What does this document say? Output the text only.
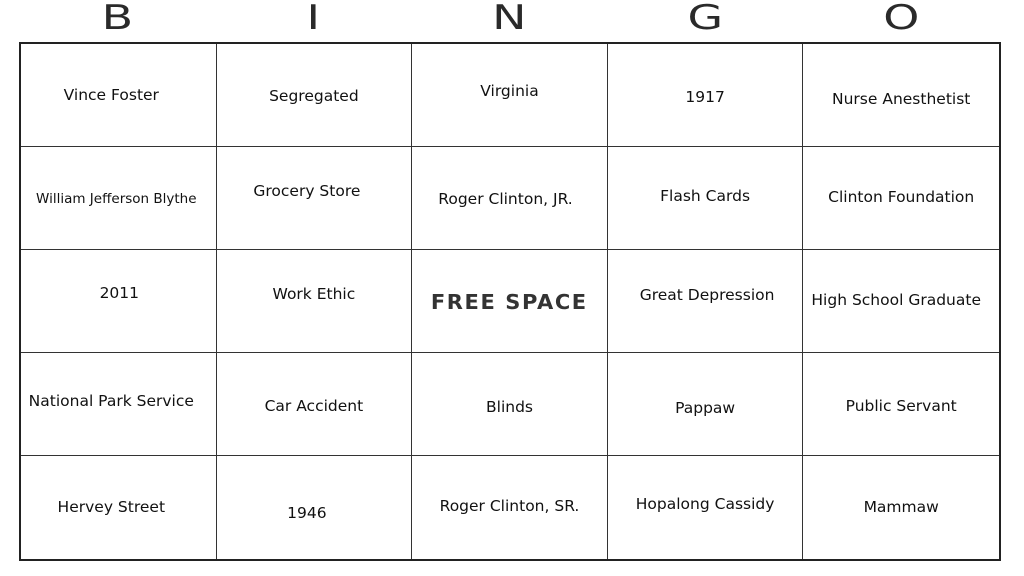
B	I	N	G	O
Vince Foster	Segregated	Virginia	1917	Nurse Anesthetist
William Jefferson Blythe	Grocery Store	Roger Clinton, JR.	Flash Cards	Clinton Foundation
2011	Work Ethic	FREE SPACE	Great Depression	High School Graduate
National Park Service	Car Accident	Blinds	Pappaw	Public Servant
Hervey Street	1946	Roger Clinton, SR.	Hopalong Cassidy	Mammaw
